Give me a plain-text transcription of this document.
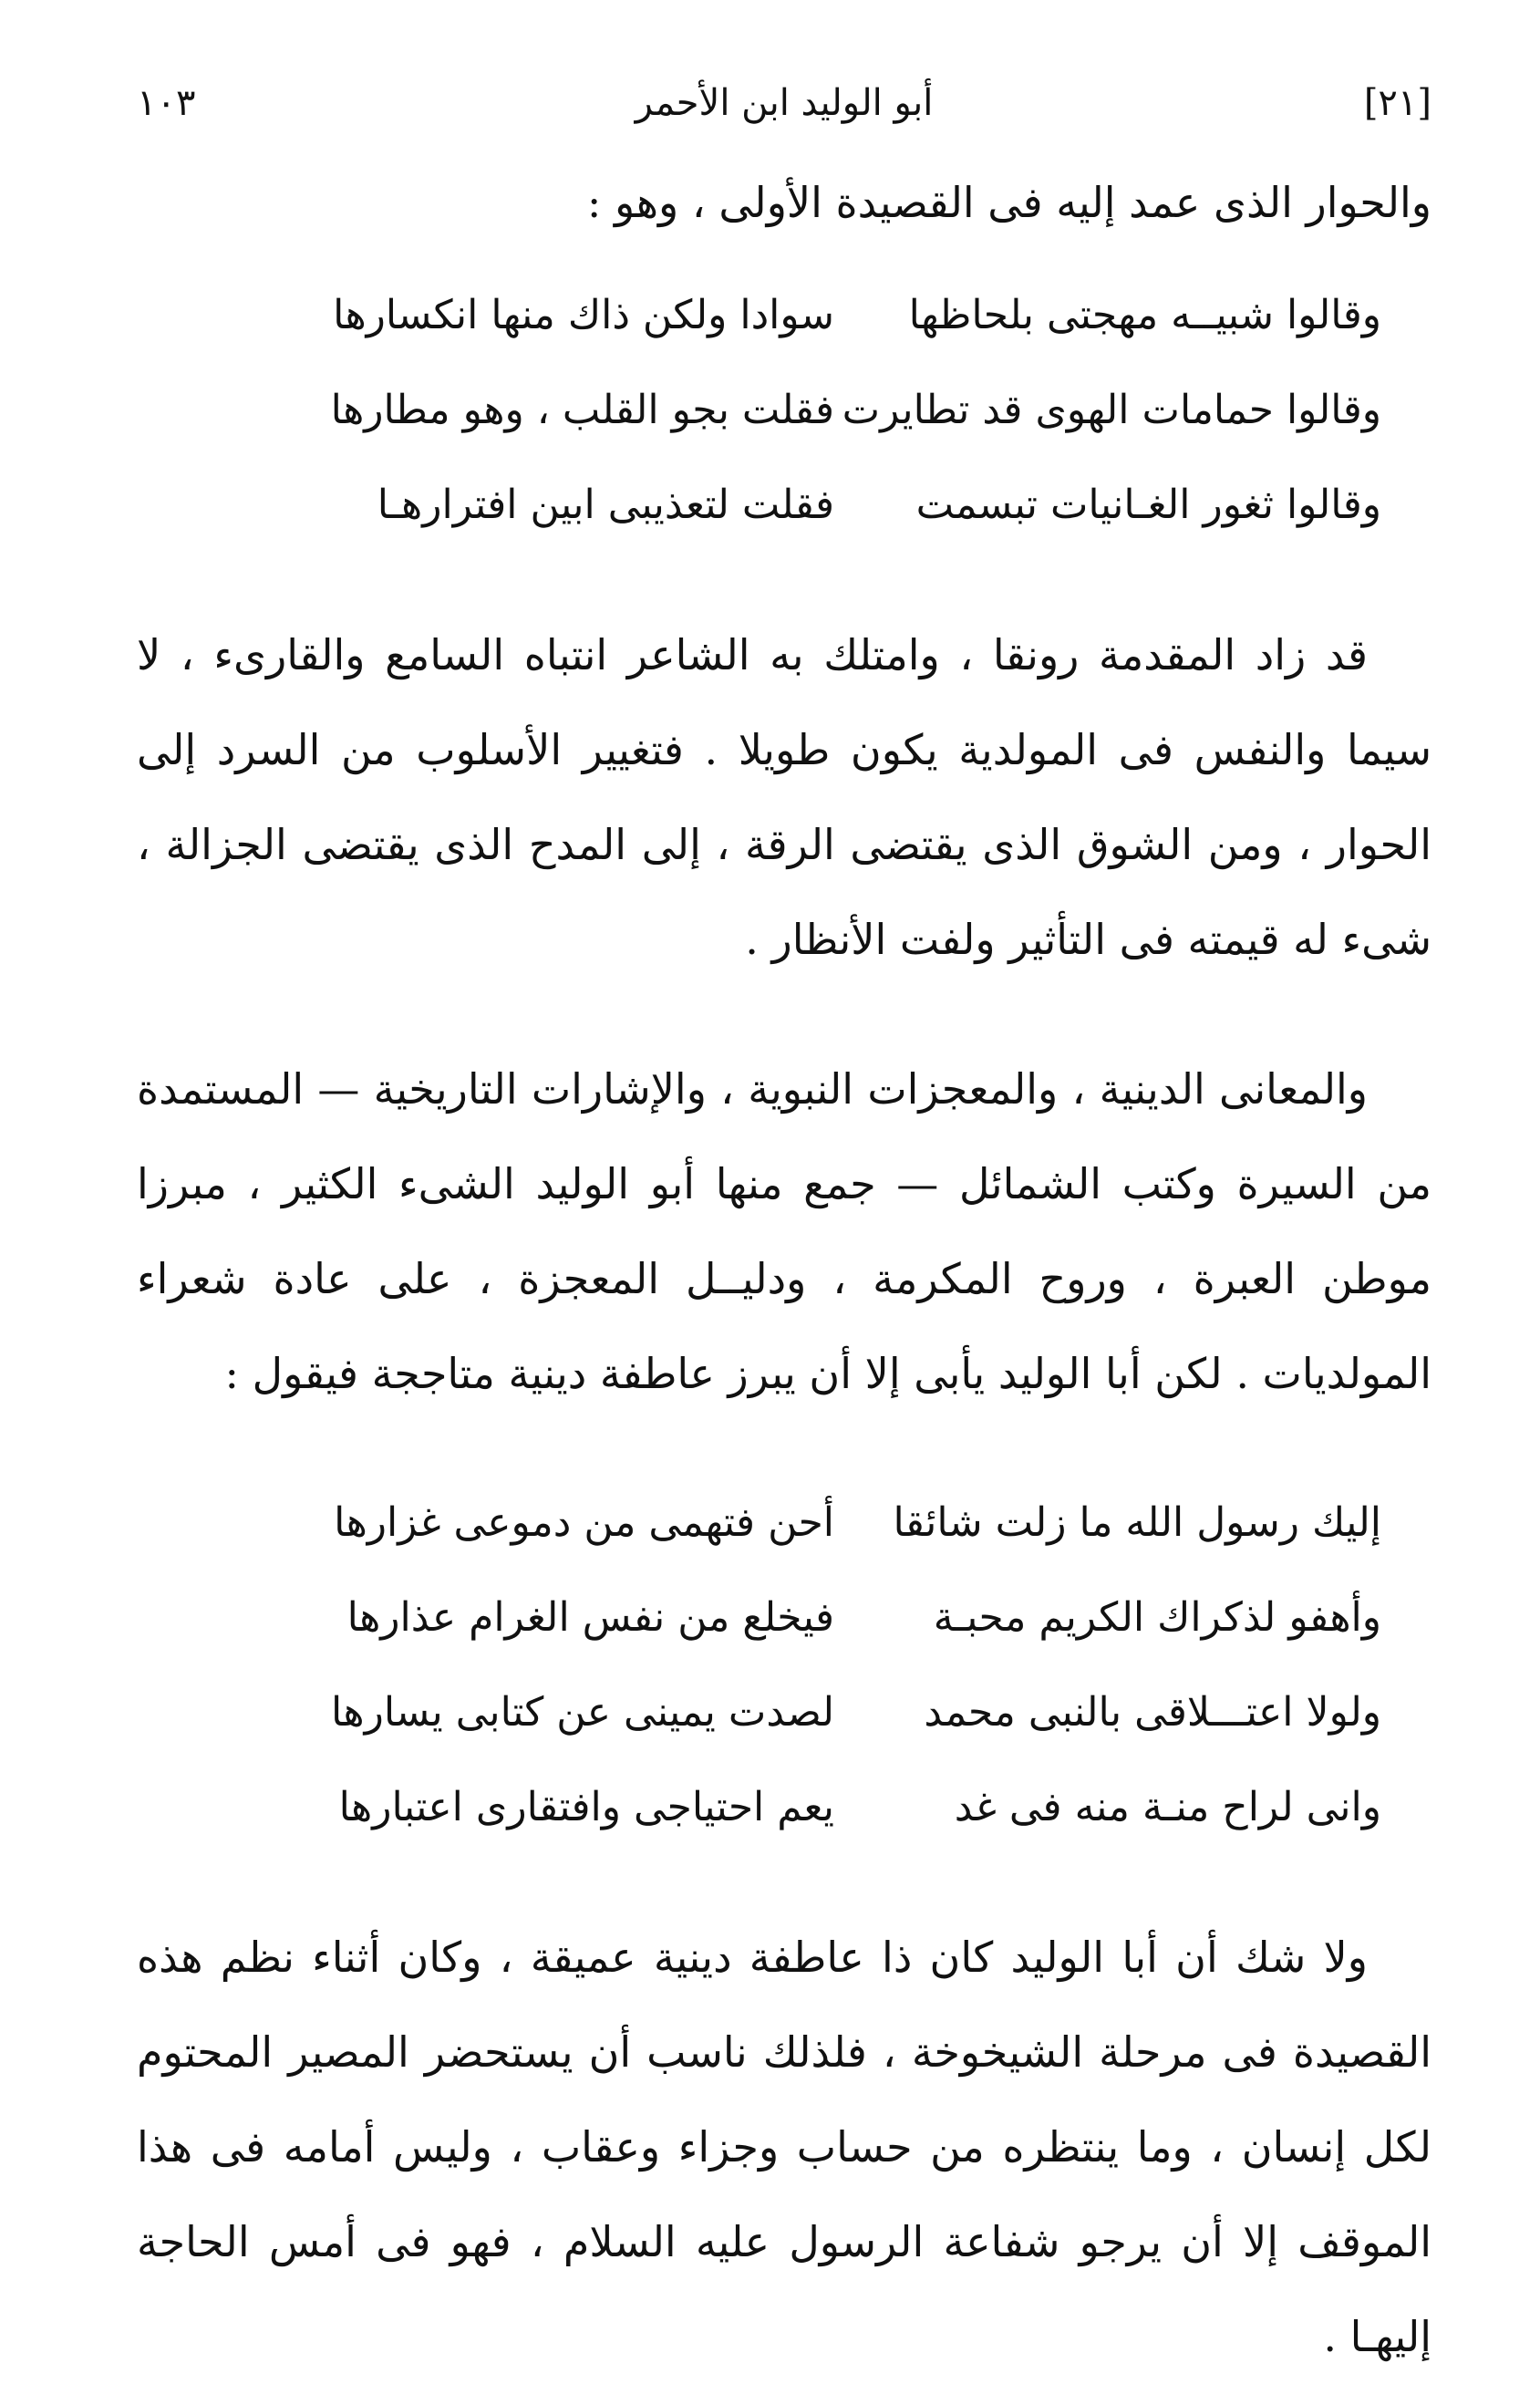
[٢١]
أبو الوليد ابن الأحمر
١٠٣

والحوار الذى عمد إليه فى القصيدة الأولى ، وهو :

وقالوا شبيــه مهجتى بلحاظها
سوادا ولكن ذاك منها انكسارها
وقالوا حمامات الهوى قد تطايرت
فقلت بجو القلب ، وهو مطارها
وقالوا ثغور الغـانيات تبسمت
فقلت لتعذيبى ابين افترارهـا

قد زاد المقدمة رونقا ، وامتلك به الشاعر انتباه السامع والقارىء ، لا سيما والنفس فى المولدية يكون طويلا . فتغيير الأسلوب من السرد إلى الحوار ، ومن الشوق الذى يقتضى الرقة ، إلى المدح الذى يقتضى الجزالة ، شىء له قيمته فى التأثير ولفت الأنظار .

والمعانى الدينية ، والمعجزات النبوية ، والإشارات التاريخية — المستمدة من السيرة وكتب الشمائل — جمع منها أبو الوليد الشىء الكثير ، مبرزا موطن العبرة ، وروح المكرمة ، ودليــل المعجزة ، على عادة شعراء المولديات . لكن أبا الوليد يأبى إلا أن يبرز عاطفة دينية متاججة فيقول :

إليك رسول الله ما زلت شائقا
أحن فتهمى من دموعى غزارها
وأهفو لذكراك الكريم محبـة
فيخلع من نفس الغرام عذارها
ولولا اعتـــلاقى بالنبى محمد
لصدت يمينى عن كتابى يسارها
وانى لراح منـة منه فى غد
يعم احتياجى وافتقارى اعتبارها

ولا شك أن أبا الوليد كان ذا عاطفة دينية عميقة ، وكان أثناء نظم هذه القصيدة فى مرحلة الشيخوخة ، فلذلك ناسب أن يستحضر المصير المحتوم لكل إنسان ، وما ينتظره من حساب وجزاء وعقاب ، وليس أمامه فى هذا الموقف إلا أن يرجو شفاعة الرسول عليه السلام ، فهو فى أمس الحاجة إليهـا .
